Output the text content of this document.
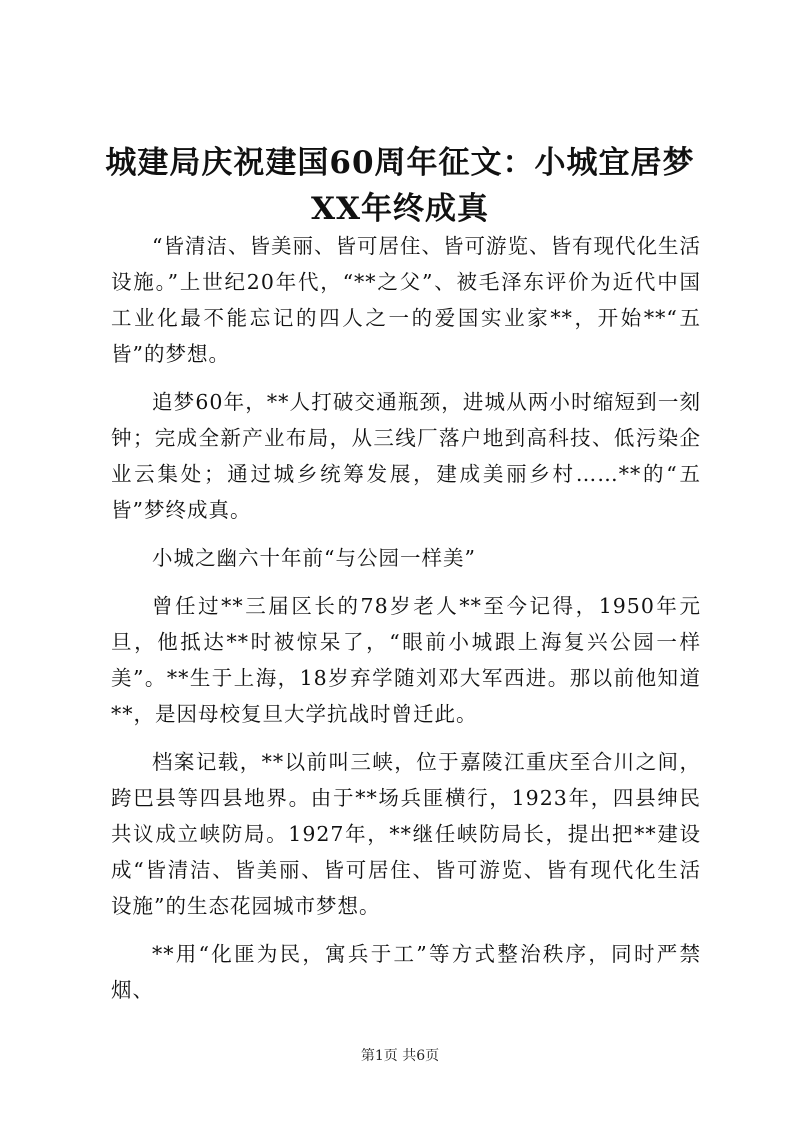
城建局庆祝建国60周年征文：小城宜居梦XX年终成真

“皆清洁、皆美丽、皆可居住、皆可游览、皆有现代化生活设施。”上世纪20年代，“**之父”、被毛泽东评价为近代中国工业化最不能忘记的四人之一的爱国实业家**，开始**“五皆”的梦想。

追梦60年，**人打破交通瓶颈，进城从两小时缩短到一刻钟；完成全新产业布局，从三线厂落户地到高科技、低污染企业云集处；通过城乡统筹发展，建成美丽乡村……**的“五皆”梦终成真。

小城之幽六十年前“与公园一样美”

曾任过**三届区长的78岁老人**至今记得，1950年元旦，他抵达**时被惊呆了，“眼前小城跟上海复兴公园一样美”。**生于上海，18岁弃学随刘邓大军西进。那以前他知道**，是因母校复旦大学抗战时曾迁此。

档案记载，**以前叫三峡，位于嘉陵江重庆至合川之间，跨巴县等四县地界。由于**场兵匪横行，1923年，四县绅民共议成立峡防局。1927年，**继任峡防局长，提出把**建设成“皆清洁、皆美丽、皆可居住、皆可游览、皆有现代化生活设施”的生态花园城市梦想。

**用“化匪为民，寓兵于工”等方式整治秩序，同时严禁烟、

第1页 共6页
